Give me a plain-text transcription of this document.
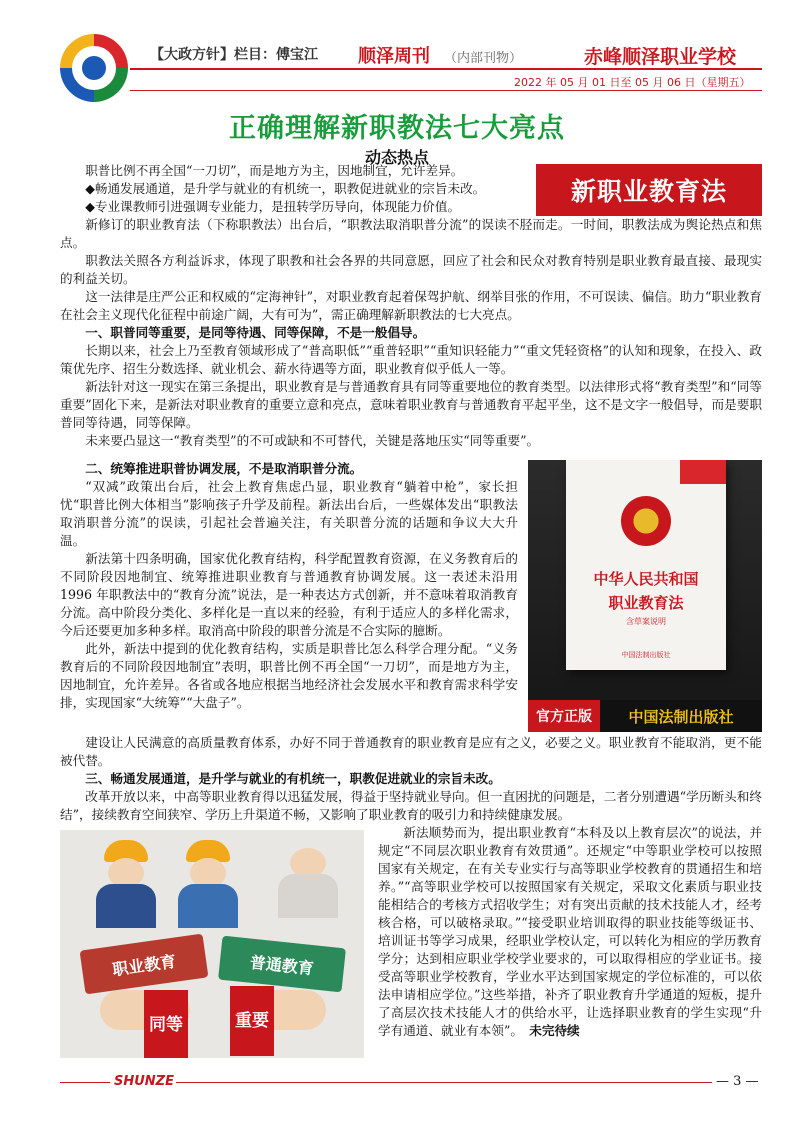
【大政方针】栏目：傅宝江 顺泽周刊 （内部刊物）	赤峰顺泽职业学校
2022 年 05 月 01 日至 05 月 06 日（星期五）
正确理解新职教法七大亮点
动态热点
新职业教育法

职普比例不再全国“一刀切”，而是地方为主，因地制宜，允许差异。

◆畅通发展通道，是升学与就业的有机统一，职教促进就业的宗旨未改。

◆专业课教师引进强调专业能力，是扭转学历导向，体现能力价值。

新修订的职业教育法（下称职教法）出台后，“职教法取消职普分流”的误读不胫而走。一时间，职教法成为舆论热点和焦点。

职教法关照各方利益诉求，体现了职教和社会各界的共同意愿，回应了社会和民众对教育特别是职业教育最直接、最现实的利益关切。

这一法律是庄严公正和权威的“定海神针”，对职业教育起着保驾护航、纲举目张的作用，不可误读、偏信。助力“职业教育在社会主义现代化征程中前途广阔，大有可为”，需正确理解新职教法的七大亮点。

一、职普同等重要，是同等待遇、同等保障，不是一般倡导。

长期以来，社会上乃至教育领域形成了“普高职低”“重普轻职”“重知识轻能力”“重文凭轻资格”的认知和现象，在投入、政策优先序、招生分数选择、就业机会、薪水待遇等方面，职业教育似乎低人一等。

新法针对这一现实在第三条提出，职业教育是与普通教育具有同等重要地位的教育类型。以法律形式将“教育类型”和“同等重要”固化下来，是新法对职业教育的重要立意和亮点，意味着职业教育与普通教育平起平坐，这不是文字一般倡导，而是要职普同等待遇，同等保障。

未来要凸显这一“教育类型”的不可或缺和不可替代，关键是落地压实“同等重要”。

二、统筹推进职普协调发展，不是取消职普分流。

“双减”政策出台后，社会上教育焦虑凸显，职业教育“躺着中枪”，家长担忧“职普比例大体相当”影响孩子升学及前程。新法出台后，一些媒体发出“职教法取消职普分流”的误读，引起社会普遍关注，有关职普分流的话题和争议大大升温。

新法第十四条明确，国家优化教育结构，科学配置教育资源，在义务教育后的不同阶段因地制宜、统筹推进职业教育与普通教育协调发展。这一表述未沿用 1996 年职教法中的“教育分流”说法，是一种表达方式创新，并不意味着取消教育分流。高中阶段分类化、多样化是一直以来的经验，有利于适应人的多样化需求，今后还要更加多种多样。取消高中阶段的职普分流是不合实际的臆断。

此外，新法中提到的优化教育结构，实质是职普比怎么科学合理分配。“义务教育后的不同阶段因地制宜”表明，职普比例不再全国“一刀切”，而是地方为主，因地制宜，允许差异。各省或各地应根据当地经济社会发展水平和教育需求科学安排，实现国家“大统筹”“大盘子”。

中华人民共和国
职业教育法
含草案说明
中国法制出版社
官方正版	中国法制出版社

建设让人民满意的高质量教育体系，办好不同于普通教育的职业教育是应有之义，必要之义。职业教育不能取消，更不能被代替。

三、畅通发展通道，是升学与就业的有机统一，职教促进就业的宗旨未改。

改革开放以来，中高等职业教育得以迅猛发展，得益于坚持就业导向。但一直困扰的问题是，二者分别遭遇“学历断头和终结”，接续教育空间狭窄、学历上升渠道不畅，又影响了职业教育的吸引力和持续健康发展。

职业教育	普通教育
同等	重要

新法顺势而为，提出职业教育“本科及以上教育层次”的说法，并规定“不同层次职业教育有效贯通”。还规定“中等职业学校可以按照国家有关规定，在有关专业实行与高等职业学校教育的贯通招生和培养。”“高等职业学校可以按照国家有关规定，采取文化素质与职业技能相结合的考核方式招收学生；对有突出贡献的技术技能人才，经考核合格，可以破格录取。”“接受职业培训取得的职业技能等级证书、培训证书等学习成果，经职业学校认定，可以转化为相应的学历教育学分；达到相应职业学校学业要求的，可以取得相应的学业证书。接受高等职业学校教育，学业水平达到国家规定的学位标准的，可以依法申请相应学位。”这些举措，补齐了职业教育升学通道的短板，提升了高层次技术技能人才的供给水平，让选择职业教育的学生实现“升学有通道、就业有本领”。　 未完待续

SHUNZE	— 3 —
